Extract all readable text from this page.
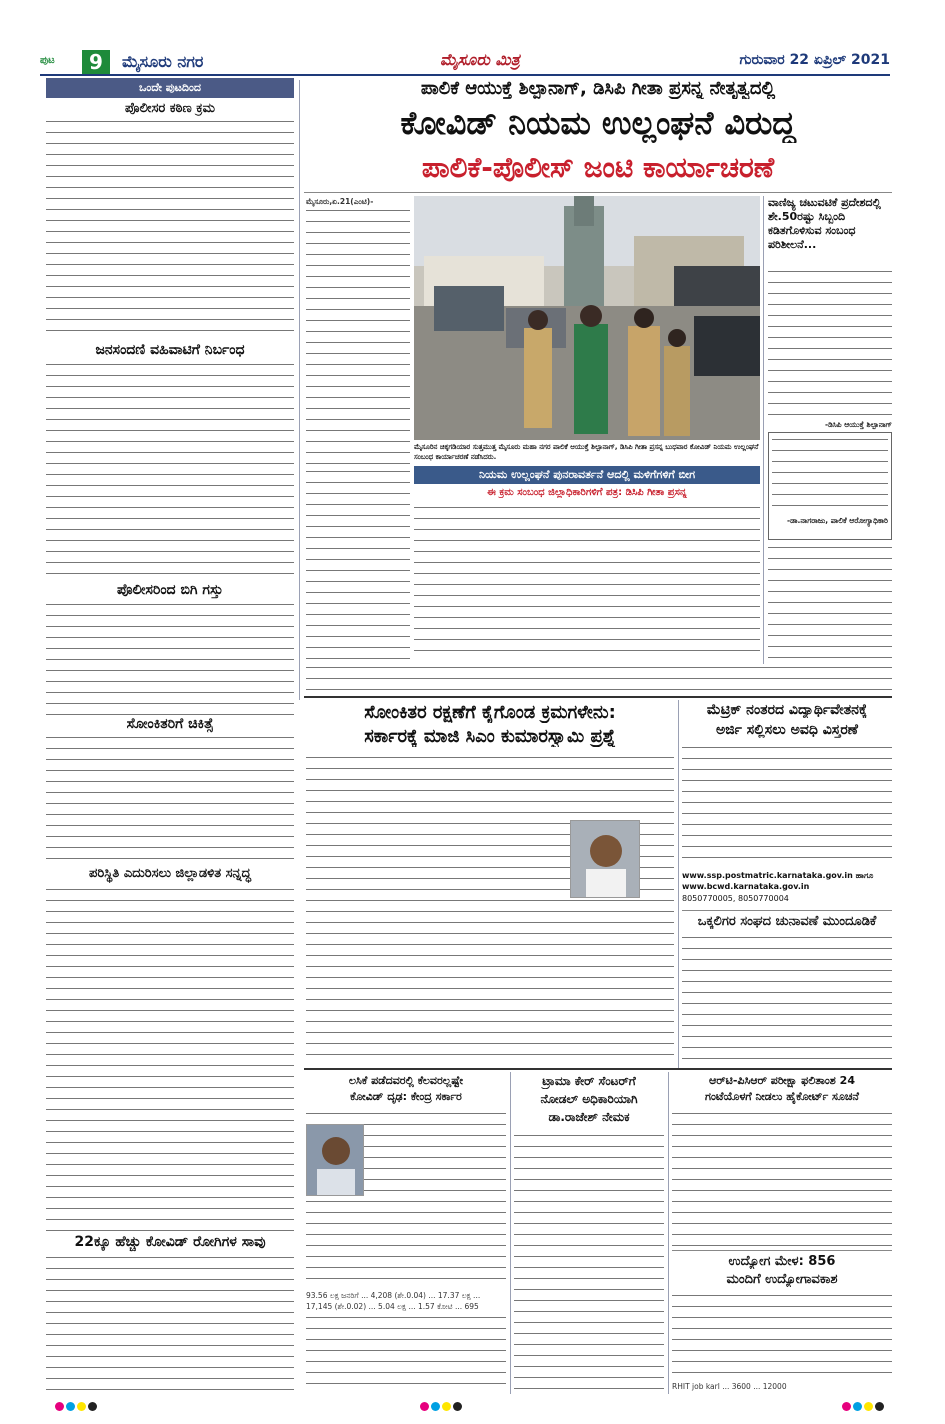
ಪುಟ	9	ಮೈಸೂರು ನಗರ	ಮೈಸೂರು ಮಿತ್ರ	ಗುರುವಾರ 22 ಏಪ್ರಿಲ್ 2021
ಒಂದೇ ಪುಟದಿಂದ
ಪೊಲೀಸರ ಕಠಿಣ ಕ್ರಮ
ಜನಸಂದಣಿ ವಹಿವಾಟಿಗೆ ನಿರ್ಬಂಧ
ಪೊಲೀಸರಿಂದ ಬಿಗಿ ಗಸ್ತು
ಸೋಂಕಿತರಿಗೆ ಚಿಕಿತ್ಸೆ
ಪರಿಸ್ಥಿತಿ ಎದುರಿಸಲು ಜಿಲ್ಲಾಡಳಿತ ಸನ್ನದ್ಧ
22ಕ್ಕೂ ಹೆಚ್ಚು ಕೋವಿಡ್ ರೋಗಿಗಳ ಸಾವು
ಪಾಲಿಕೆ ಆಯುಕ್ತೆ ಶಿಲ್ಪಾನಾಗ್, ಡಿಸಿಪಿ ಗೀತಾ ಪ್ರಸನ್ನ ನೇತೃತ್ವದಲ್ಲಿ
ಕೋವಿಡ್ ನಿಯಮ ಉಲ್ಲಂಘನೆ ವಿರುದ್ಧ
ಪಾಲಿಕೆ-ಪೊಲೀಸ್ ಜಂಟಿ ಕಾರ್ಯಾಚರಣೆ
ಮೈಸೂರು,ಏ.21(ಎಂಟಿ)-
ಮೈಸೂರಿನ ಚಿಕ್ಕಗಡಿಯಾರ ಸುತ್ತಮುತ್ತ ಮೈಸೂರು ಮಹಾ ನಗರ ಪಾಲಿಕೆ ಆಯುಕ್ತೆ ಶಿಲ್ಪಾನಾಗ್, ಡಿಸಿಪಿ ಗೀತಾ ಪ್ರಸನ್ನ ಬುಧವಾರ ಕೋವಿಡ್ ನಿಯಮ ಉಲ್ಲಂಘನೆ ಸಂಬಂಧ ಕಾರ್ಯಾಚರಣೆ ನಡೆಸಿದರು.
ವಾಣಿಜ್ಯ ಚಟುವಟಿಕೆ ಪ್ರದೇಶದಲ್ಲಿ ಶೇ.50ರಷ್ಟು ಸಿಬ್ಬಂದಿ ಕಡಿತಗೊಳಿಸುವ ಸಂಬಂಧ ಪರಿಶೀಲನೆ...
-ಡಿಸಿಪಿ ಆಯುಕ್ತೆ ಶಿಲ್ಪಾನಾಗ್
-ಡಾ.ನಾಗರಾಜು, ಪಾಲಿಕೆ ಆರೋಗ್ಯಾಧಿಕಾರಿ
ನಿಯಮ ಉಲ್ಲಂಘನೆ ಪುನರಾವರ್ತನೆ ಆದಲ್ಲಿ ಮಳಿಗೆಗಳಿಗೆ ಬೀಗ
ಈ ಕ್ರಮ ಸಂಬಂಧ ಜಿಲ್ಲಾಧಿಕಾರಿಗಳಿಗೆ ಪತ್ರ: ಡಿಸಿಪಿ ಗೀತಾ ಪ್ರಸನ್ನ
ಸೋಂಕಿತರ ರಕ್ಷಣೆಗೆ ಕೈಗೊಂಡ ಕ್ರಮಗಳೇನು:
ಸರ್ಕಾರಕ್ಕೆ ಮಾಜಿ ಸಿಎಂ ಕುಮಾರಸ್ವಾಮಿ ಪ್ರಶ್ನೆ
ಮೆಟ್ರಿಕ್ ನಂತರದ ವಿದ್ಯಾರ್ಥಿವೇತನಕ್ಕೆ
ಅರ್ಜಿ ಸಲ್ಲಿಸಲು ಅವಧಿ ವಿಸ್ತರಣೆ
www.ssp.postmatric.karnataka.gov.in ಹಾಗೂ www.bcwd.karnataka.gov.in
8050770005, 8050770004
ಒಕ್ಕಲಿಗರ ಸಂಘದ ಚುನಾವಣೆ ಮುಂದೂಡಿಕೆ
ಲಸಿಕೆ ಪಡೆದವರಲ್ಲಿ ಕೆಲವರಲ್ಲಷ್ಟೇ
ಕೋವಿಡ್ ದೃಢ: ಕೇಂದ್ರ ಸರ್ಕಾರ
93.56 ಲಕ್ಷ ಜನರಿಗೆ ... 4,208 (ಶೇ.0.04) ... 17.37 ಲಕ್ಷ ... 17,145 (ಶೇ.0.02) ... 5.04 ಲಕ್ಷ ... 1.57 ಕೋಟಿ ... 695
ಟ್ರಾಮಾ ಕೇರ್ ಸೆಂಟರ್‌ಗೆ
ನೋಡಲ್ ಅಧಿಕಾರಿಯಾಗಿ
ಡಾ.ರಾಜೇಶ್ ನೇಮಕ
ಆರ್‌ಟಿ-ಪಿಸಿಆರ್ ಪರೀಕ್ಷಾ ಫಲಿತಾಂಶ 24
ಗಂಟೆಯೊಳಗೆ ನೀಡಲು ಹೈಕೋರ್ಟ್ ಸೂಚನೆ
ಉದ್ಯೋಗ ಮೇಳ: 856
ಮಂದಿಗೆ ಉದ್ಯೋಗಾವಕಾಶ
RHIT job karl ... 3600 ... 12000
